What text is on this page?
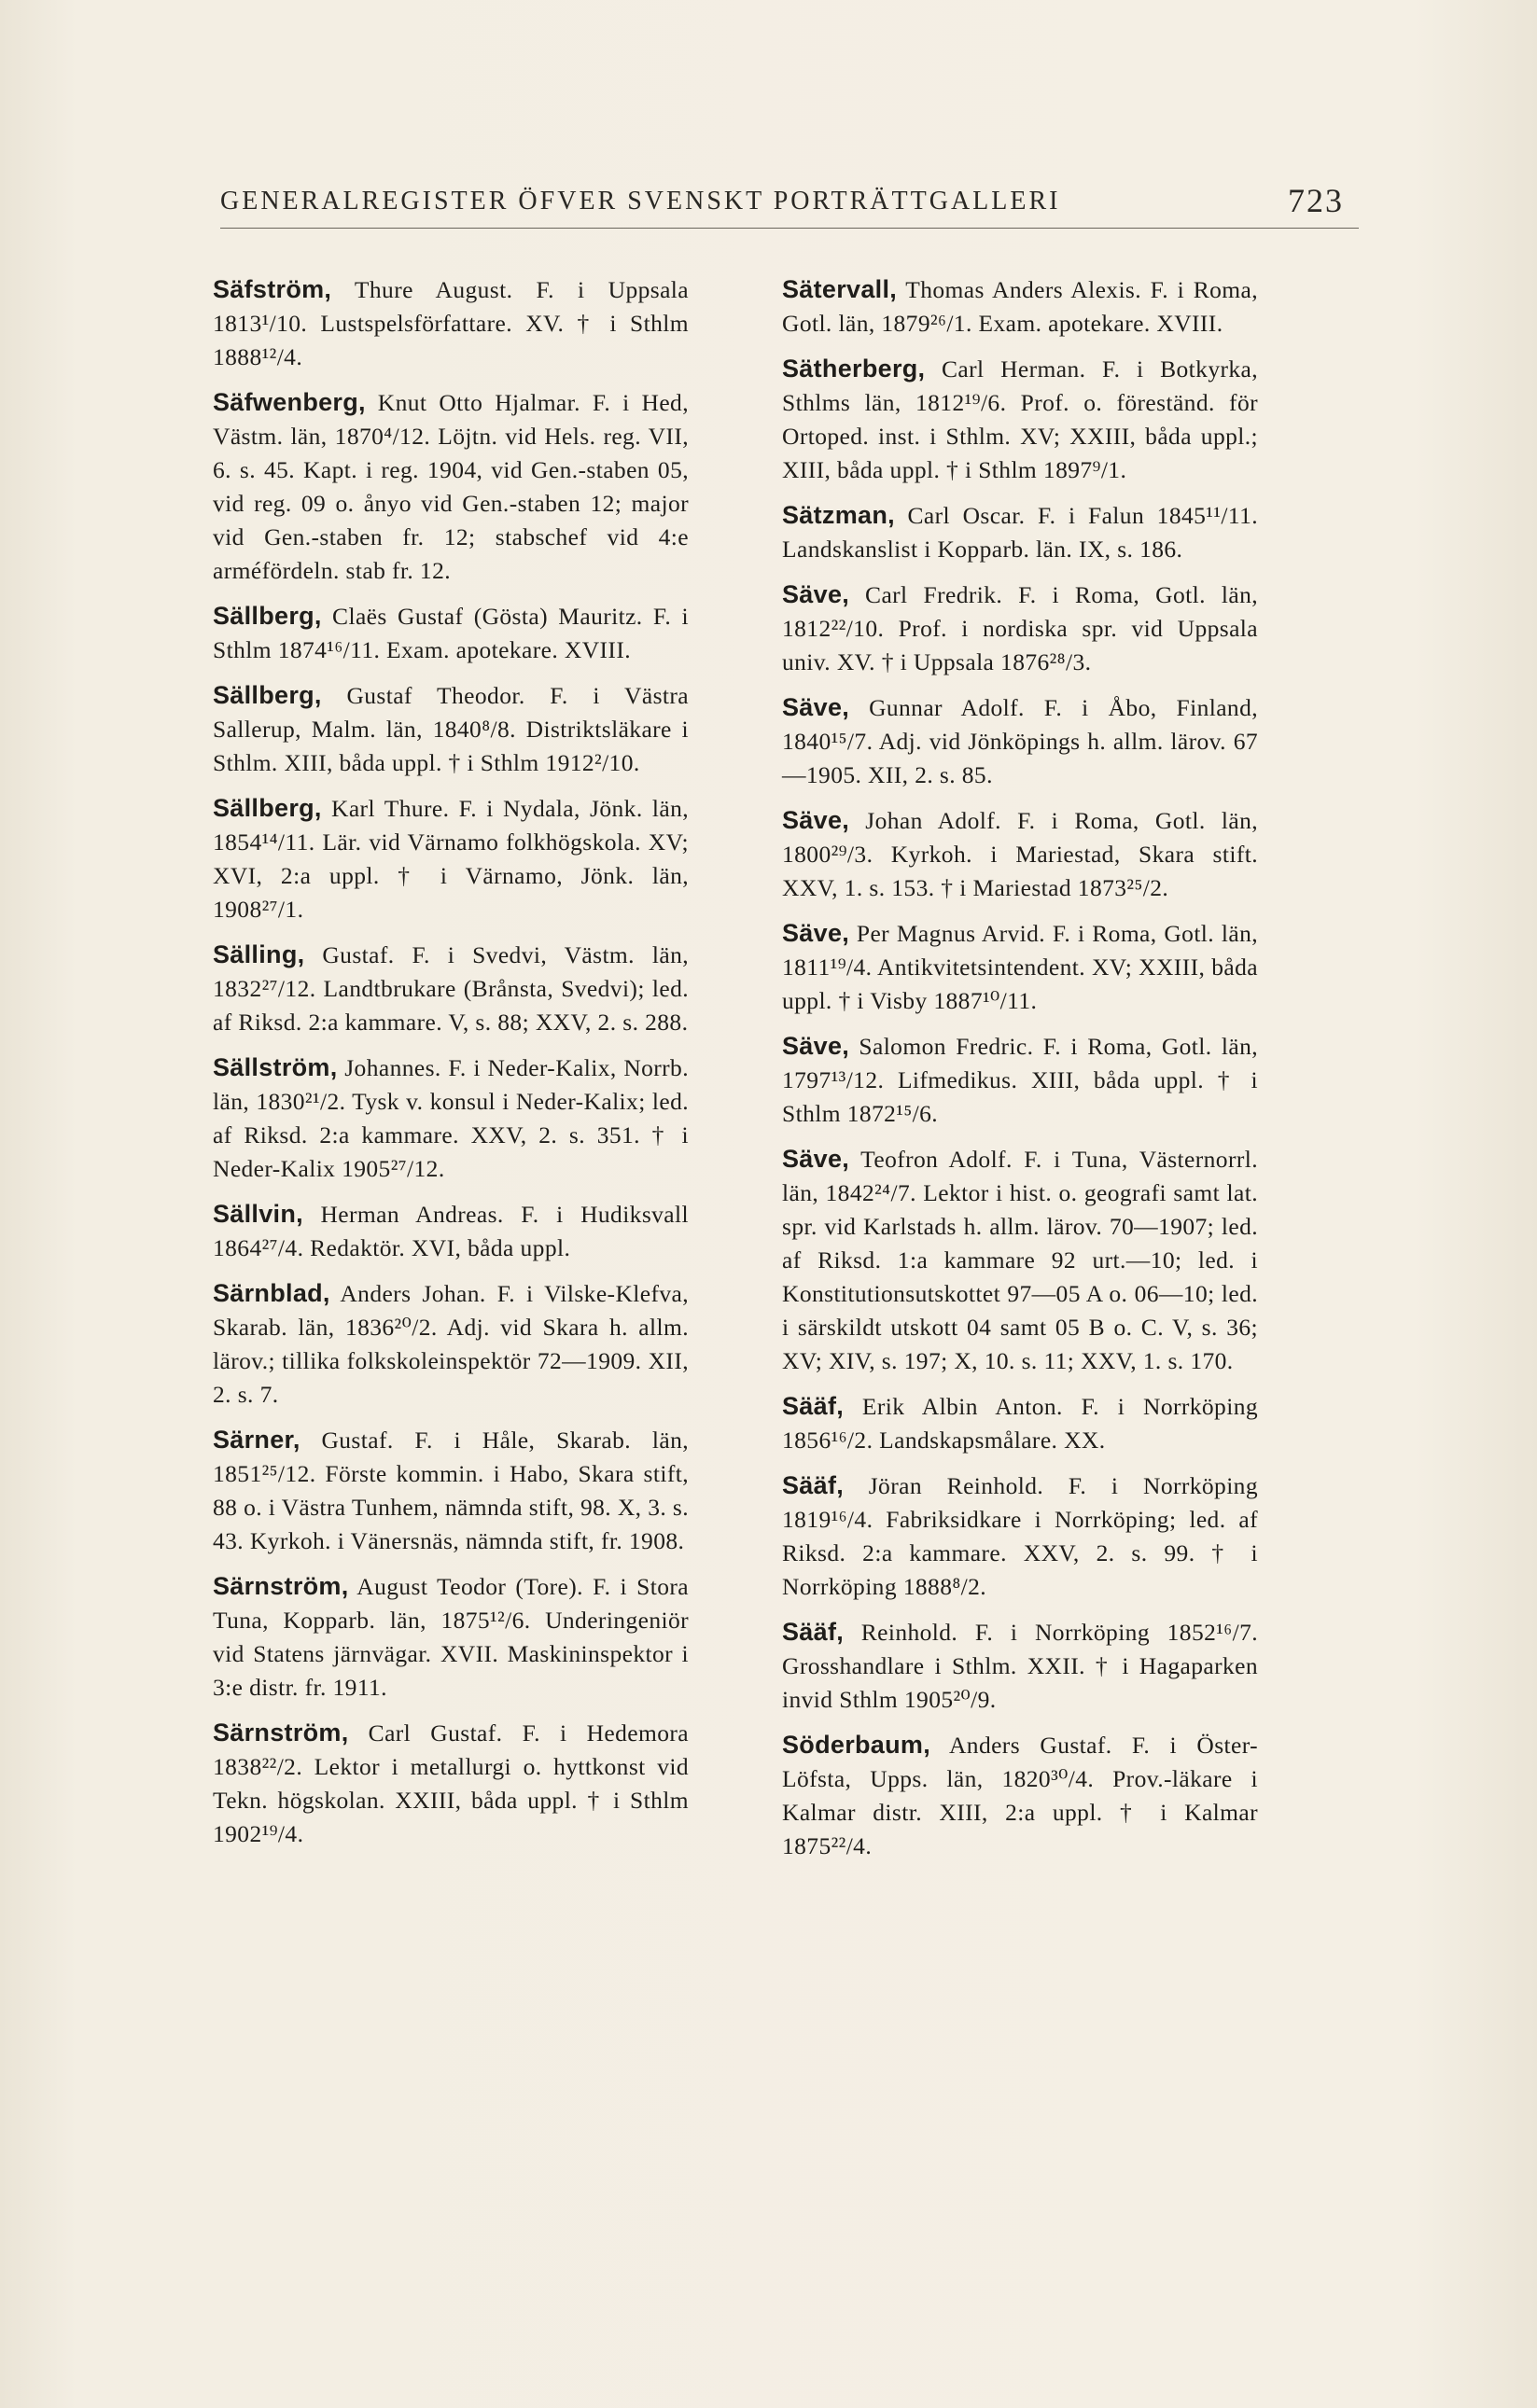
GENERALREGISTER ÖFVER SVENSKT PORTRÄTTGALLERI	723
Säfström, Thure August. F. i Uppsala 1813¹/10. Lustspelsförfattare. XV. † i Sthlm 1888¹²/4.
Säfwenberg, Knut Otto Hjalmar. F. i Hed, Västm. län, 1870⁴/12. Löjtn. vid Hels. reg. VII, 6. s. 45. Kapt. i reg. 1904, vid Gen.-staben 05, vid reg. 09 o. ånyo vid Gen.-staben 12; major vid Gen.-staben fr. 12; stabschef vid 4:e arméfördeln. stab fr. 12.
Sällberg, Claës Gustaf (Gösta) Mauritz. F. i Sthlm 1874¹⁶/11. Exam. apotekare. XVIII.
Sällberg, Gustaf Theodor. F. i Västra Sallerup, Malm. län, 1840⁸/8. Distriktsläkare i Sthlm. XIII, båda uppl. † i Sthlm 1912²/10.
Sällberg, Karl Thure. F. i Nydala, Jönk. län, 1854¹⁴/11. Lär. vid Värnamo folkhögskola. XV; XVI, 2:a uppl. † i Värnamo, Jönk. län, 1908²⁷/1.
Sälling, Gustaf. F. i Svedvi, Västm. län, 1832²⁷/12. Landtbrukare (Brånsta, Svedvi); led. af Riksd. 2:a kammare. V, s. 88; XXV, 2. s. 288.
Sällström, Johannes. F. i Neder-Kalix, Norrb. län, 1830²¹/2. Tysk v. konsul i Neder-Kalix; led. af Riksd. 2:a kammare. XXV, 2. s. 351. † i Neder-Kalix 1905²⁷/12.
Sällvin, Herman Andreas. F. i Hudiksvall 1864²⁷/4. Redaktör. XVI, båda uppl.
Särnblad, Anders Johan. F. i Vilske-Klefva, Skarab. län, 1836²⁰/2. Adj. vid Skara h. allm. lärov.; tillika folkskoleinspektör 72—1909. XII, 2. s. 7.
Särner, Gustaf. F. i Håle, Skarab. län, 1851²⁵/12. Förste kommin. i Habo, Skara stift, 88 o. i Västra Tunhem, nämnda stift, 98. X, 3. s. 43. Kyrkoh. i Vänersnäs, nämnda stift, fr. 1908.
Särnström, August Teodor (Tore). F. i Stora Tuna, Kopparb. län, 1875¹²/6. Underingeniör vid Statens järnvägar. XVII. Maskininspektor i 3:e distr. fr. 1911.
Särnström, Carl Gustaf. F. i Hedemora 1838²²/2. Lektor i metallurgi o. hyttkonst vid Tekn. högskolan. XXIII, båda uppl. † i Sthlm 1902¹⁹/4.
Sätervall, Thomas Anders Alexis. F. i Roma, Gotl. län, 1879²⁶/1. Exam. apotekare. XVIII.
Sätherberg, Carl Herman. F. i Botkyrka, Sthlms län, 1812¹⁹/6. Prof. o. föreständ. för Ortoped. inst. i Sthlm. XV; XXIII, båda uppl.; XIII, båda uppl. † i Sthlm 1897⁹/1.
Sätzman, Carl Oscar. F. i Falun 1845¹¹/11. Landskanslist i Kopparb. län. IX, s. 186.
Säve, Carl Fredrik. F. i Roma, Gotl. län, 1812²²/10. Prof. i nordiska spr. vid Uppsala univ. XV. † i Uppsala 1876²⁸/3.
Säve, Gunnar Adolf. F. i Åbo, Finland, 1840¹⁵/7. Adj. vid Jönköpings h. allm. lärov. 67—1905. XII, 2. s. 85.
Säve, Johan Adolf. F. i Roma, Gotl. län, 1800²⁹/3. Kyrkoh. i Mariestad, Skara stift. XXV, 1. s. 153. † i Mariestad 1873²⁵/2.
Säve, Per Magnus Arvid. F. i Roma, Gotl. län, 1811¹⁹/4. Antikvitetsintendent. XV; XXIII, båda uppl. † i Visby 1887¹⁰/11.
Säve, Salomon Fredric. F. i Roma, Gotl. län, 1797¹³/12. Lifmedikus. XIII, båda uppl. † i Sthlm 1872¹⁵/6.
Säve, Teofron Adolf. F. i Tuna, Västernorrl. län, 1842²⁴/7. Lektor i hist. o. geografi samt lat. spr. vid Karlstads h. allm. lärov. 70—1907; led. af Riksd. 1:a kammare 92 urt.—10; led. i Konstitutionsutskottet 97—05 A o. 06—10; led. i särskildt utskott 04 samt 05 B o. C. V, s. 36; XV; XIV, s. 197; X, 10. s. 11; XXV, 1. s. 170.
Sääf, Erik Albin Anton. F. i Norrköping 1856¹⁶/2. Landskapsmålare. XX.
Sääf, Jöran Reinhold. F. i Norrköping 1819¹⁶/4. Fabriksidkare i Norrköping; led. af Riksd. 2:a kammare. XXV, 2. s. 99. † i Norrköping 1888⁸/2.
Sääf, Reinhold. F. i Norrköping 1852¹⁶/7. Grosshandlare i Sthlm. XXII. † i Hagaparken invid Sthlm 1905²⁰/9.
Söderbaum, Anders Gustaf. F. i Öster-Löfsta, Upps. län, 1820³⁰/4. Prov.-läkare i Kalmar distr. XIII, 2:a uppl. † i Kalmar 1875²²/4.
